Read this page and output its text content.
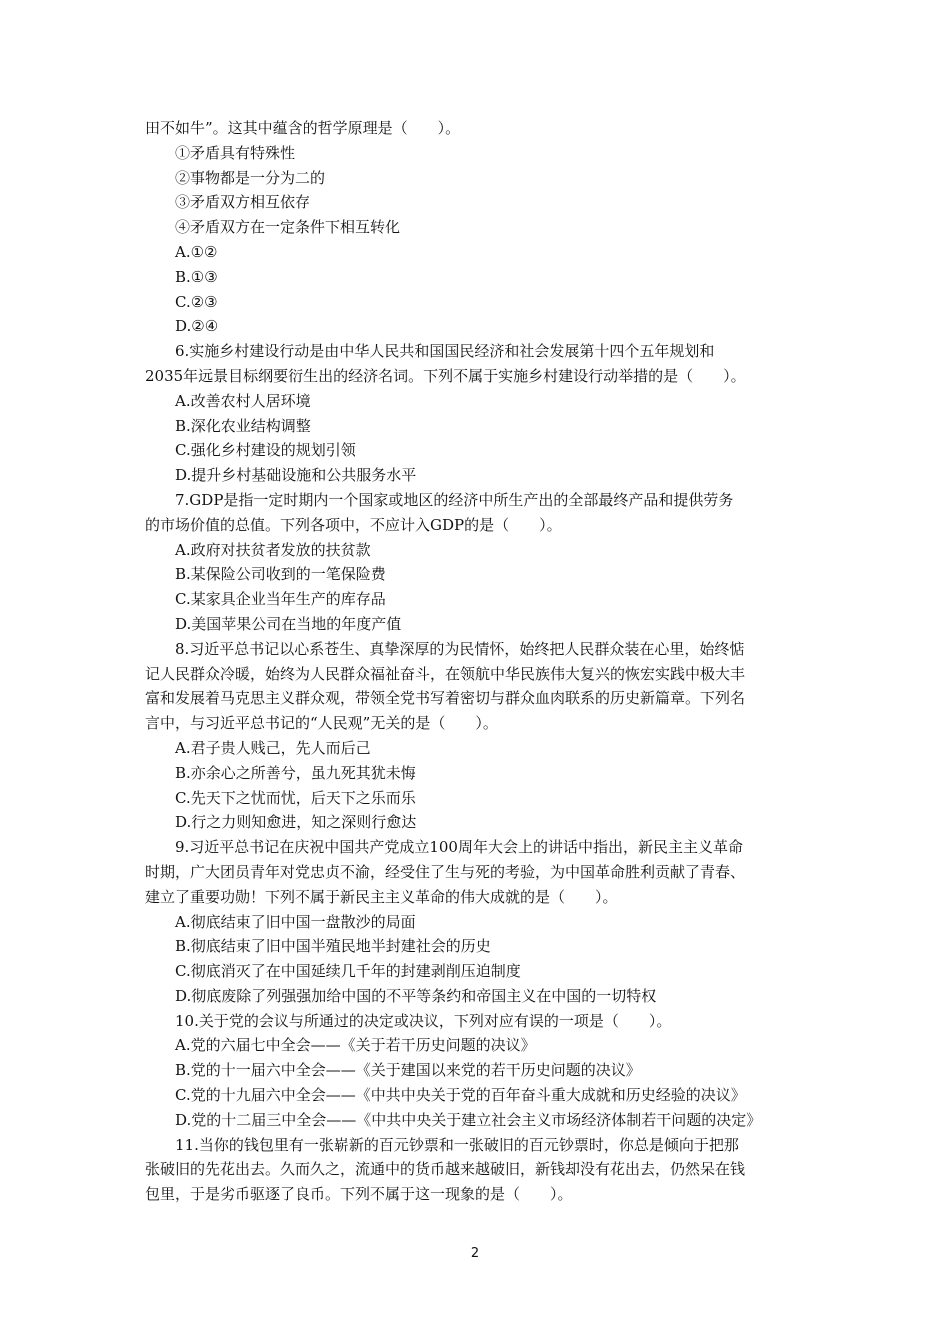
田不如牛”。这其中蕴含的哲学原理是（　　）。
①矛盾具有特殊性
②事物都是一分为二的
③矛盾双方相互依存
④矛盾双方在一定条件下相互转化
A.①②
B.①③
C.②③
D.②④
6.实施乡村建设行动是由中华人民共和国国民经济和社会发展第十四个五年规划和
2035年远景目标纲要衍生出的经济名词。下列不属于实施乡村建设行动举措的是（　　）。
A.改善农村人居环境
B.深化农业结构调整
C.强化乡村建设的规划引领
D.提升乡村基础设施和公共服务水平
7.GDP是指一定时期内一个国家或地区的经济中所生产出的全部最终产品和提供劳务
的市场价值的总值。下列各项中，不应计入GDP的是（　　）。
A.政府对扶贫者发放的扶贫款
B.某保险公司收到的一笔保险费
C.某家具企业当年生产的库存品
D.美国苹果公司在当地的年度产值
8.习近平总书记以心系苍生、真挚深厚的为民情怀，始终把人民群众装在心里，始终惦
记人民群众冷暖，始终为人民群众福祉奋斗，在领航中华民族伟大复兴的恢宏实践中极大丰
富和发展着马克思主义群众观，带领全党书写着密切与群众血肉联系的历史新篇章。下列名
言中，与习近平总书记的“人民观”无关的是（　　）。
A.君子贵人贱己，先人而后己
B.亦余心之所善兮，虽九死其犹未悔
C.先天下之忧而忧，后天下之乐而乐
D.行之力则知愈进，知之深则行愈达
9.习近平总书记在庆祝中国共产党成立100周年大会上的讲话中指出，新民主主义革命
时期，广大团员青年对党忠贞不渝，经受住了生与死的考验，为中国革命胜利贡献了青春、
建立了重要功勋！下列不属于新民主主义革命的伟大成就的是（　　）。
A.彻底结束了旧中国一盘散沙的局面
B.彻底结束了旧中国半殖民地半封建社会的历史
C.彻底消灭了在中国延续几千年的封建剥削压迫制度
D.彻底废除了列强强加给中国的不平等条约和帝国主义在中国的一切特权
10.关于党的会议与所通过的决定或决议，下列对应有误的一项是（　　）。
A.党的六届七中全会——《关于若干历史问题的决议》
B.党的十一届六中全会——《关于建国以来党的若干历史问题的决议》
C.党的十九届六中全会——《中共中央关于党的百年奋斗重大成就和历史经验的决议》
D.党的十二届三中全会——《中共中央关于建立社会主义市场经济体制若干问题的决定》
11.当你的钱包里有一张崭新的百元钞票和一张破旧的百元钞票时，你总是倾向于把那
张破旧的先花出去。久而久之，流通中的货币越来越破旧，新钱却没有花出去，仍然呆在钱
包里，于是劣币驱逐了良币。下列不属于这一现象的是（　　）。
2
